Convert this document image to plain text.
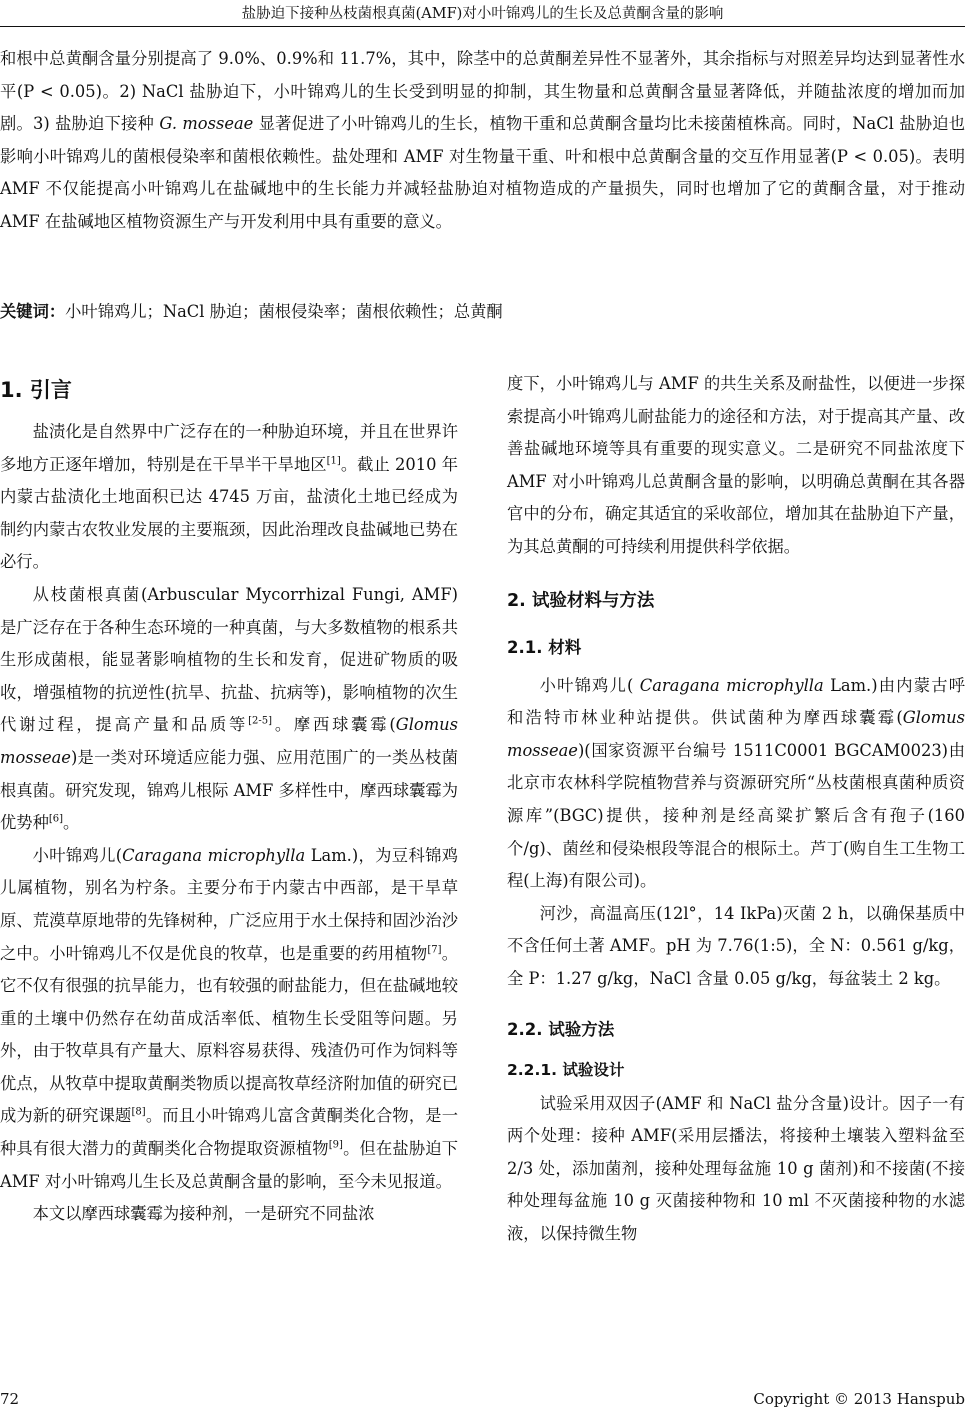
盐胁迫下接种丛枝菌根真菌(AMF)对小叶锦鸡儿的生长及总黄酮含量的影响

和根中总黄酮含量分别提高了 9.0%、0.9%和 11.7%，其中，除茎中的总黄酮差异性不显著外，其余指标与对照差异均达到显著性水平(P < 0.05)。2) NaCl 盐胁迫下，小叶锦鸡儿的生长受到明显的抑制，其生物量和总黄酮含量显著降低，并随盐浓度的增加而加剧。3) 盐胁迫下接种 G. mosseae 显著促进了小叶锦鸡儿的生长，植物干重和总黄酮含量均比未接菌植株高。同时，NaCl 盐胁迫也影响小叶锦鸡儿的菌根侵染率和菌根依赖性。盐处理和 AMF 对生物量干重、叶和根中总黄酮含量的交互作用显著(P < 0.05)。表明 AMF 不仅能提高小叶锦鸡儿在盐碱地中的生长能力并减轻盐胁迫对植物造成的产量损失，同时也增加了它的黄酮含量，对于推动 AMF 在盐碱地区植物资源生产与开发利用中具有重要的意义。

关键词：小叶锦鸡儿；NaCl 胁迫；菌根侵染率；菌根依赖性；总黄酮

1. 引言

盐渍化是自然界中广泛存在的一种胁迫环境，并且在世界许多地方正逐年增加，特别是在干旱半干旱地区[1]。截止 2010 年内蒙古盐渍化土地面积已达 4745 万亩，盐渍化土地已经成为制约内蒙古农牧业发展的主要瓶颈，因此治理改良盐碱地已势在必行。

从枝菌根真菌(Arbuscular Mycorrhizal Fungi, AMF)是广泛存在于各种生态环境的一种真菌，与大多数植物的根系共生形成菌根，能显著影响植物的生长和发育，促进矿物质的吸收，增强植物的抗逆性(抗旱、抗盐、抗病等)，影响植物的次生代谢过程，提高产量和品质等[2-5]。摩西球囊霉(Glomus mosseae)是一类对环境适应能力强、应用范围广的一类丛枝菌根真菌。研究发现，锦鸡儿根际 AMF 多样性中，摩西球囊霉为优势种[6]。

小叶锦鸡儿(Caragana microphylla Lam.)，为豆科锦鸡儿属植物，别名为柠条。主要分布于内蒙古中西部，是干旱草原、荒漠草原地带的先锋树种，广泛应用于水土保持和固沙治沙之中。小叶锦鸡儿不仅是优良的牧草，也是重要的药用植物[7]。它不仅有很强的抗旱能力，也有较强的耐盐能力，但在盐碱地较重的土壤中仍然存在幼苗成活率低、植物生长受阻等问题。另外，由于牧草具有产量大、原料容易获得、残渣仍可作为饲料等优点，从牧草中提取黄酮类物质以提高牧草经济附加值的研究已成为新的研究课题[8]。而且小叶锦鸡儿富含黄酮类化合物，是一种具有很大潜力的黄酮类化合物提取资源植物[9]。但在盐胁迫下 AMF 对小叶锦鸡儿生长及总黄酮含量的影响，至今未见报道。

本文以摩西球囊霉为接种剂，一是研究不同盐浓

度下，小叶锦鸡儿与 AMF 的共生关系及耐盐性，以便进一步探索提高小叶锦鸡儿耐盐能力的途径和方法，对于提高其产量、改善盐碱地环境等具有重要的现实意义。二是研究不同盐浓度下 AMF 对小叶锦鸡儿总黄酮含量的影响，以明确总黄酮在其各器官中的分布，确定其适宜的采收部位，增加其在盐胁迫下产量，为其总黄酮的可持续利用提供科学依据。

2. 试验材料与方法
2.1. 材料

小叶锦鸡儿( Caragana microphylla Lam.)由内蒙古呼和浩特市林业种站提供。供试菌种为摩西球囊霉(Glomus mosseae)(国家资源平台编号 1511C0001 BGCAM0023)由北京市农林科学院植物营养与资源研究所“丛枝菌根真菌种质资源库”(BGC)提供，接种剂是经高粱扩繁后含有孢子(160 个/g)、菌丝和侵染根段等混合的根际土。芦丁(购自生工生物工程(上海)有限公司)。

河沙，高温高压(12l°，14 IkPa)灭菌 2 h，以确保基质中不含任何土著 AMF。pH 为 7.76(1:5)，全 N：0.561 g/kg，全 P：1.27 g/kg，NaCl 含量 0.05 g/kg，每盆装土 2 kg。

2.2. 试验方法
2.2.1. 试验设计

试验采用双因子(AMF 和 NaCl 盐分含量)设计。因子一有两个处理：接种 AMF(采用层播法，将接种土壤装入塑料盆至 2/3 处，添加菌剂，接种处理每盆施 10 g 菌剂)和不接菌(不接种处理每盆施 10 g 灭菌接种物和 10 ml 不灭菌接种物的水滤液，以保持微生物

72	Copyright © 2013 Hanspub
